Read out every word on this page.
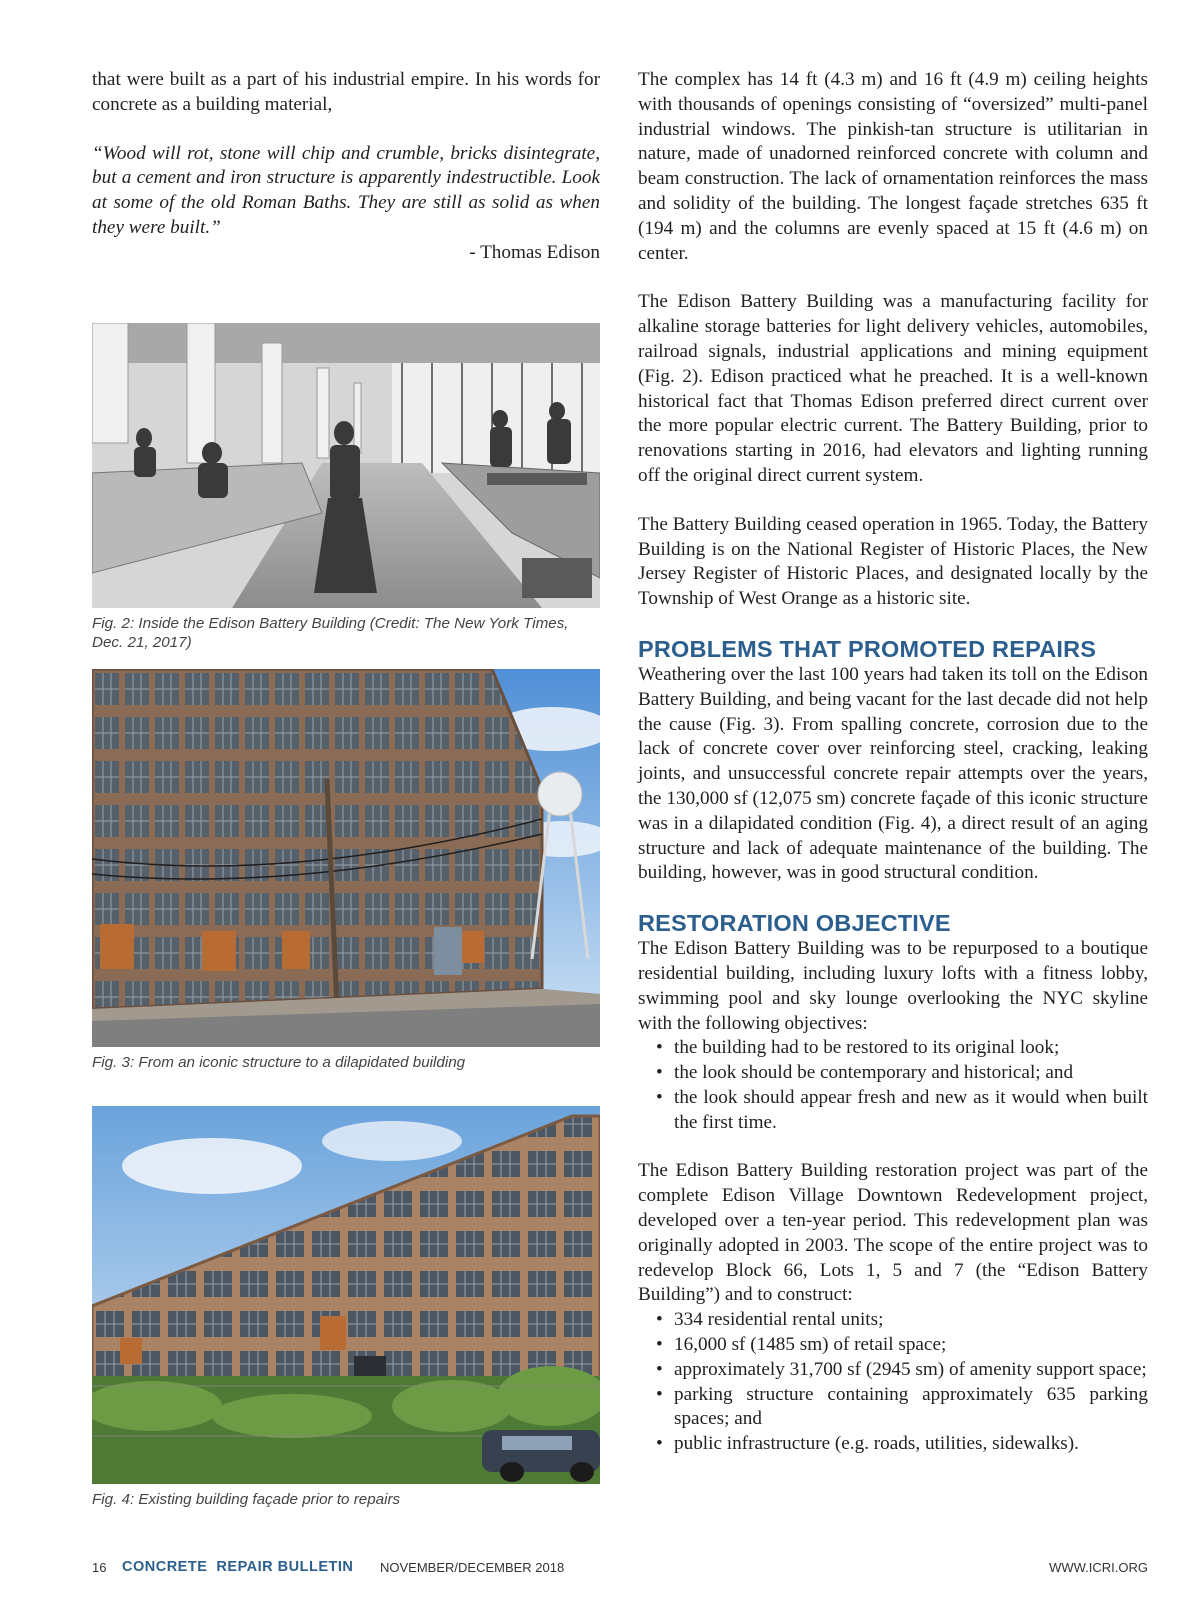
that were built as a part of his industrial empire. In his words for concrete as a building material,

“Wood will rot, stone will chip and crumble, bricks disintegrate, but a cement and iron structure is apparently indestructible. Look at some of the old Roman Baths. They are still as solid as when they were built.”

- Thomas Edison

Fig. 2: Inside the Edison Battery Building (Credit: The New York Times, Dec. 21, 2017)
Fig. 3: From an iconic structure to a dilapidated building
Fig. 4: Existing building façade prior to repairs

The complex has 14 ft (4.3 m) and 16 ft (4.9 m) ceiling heights with thousands of openings consisting of “oversized” multi-panel industrial windows. The pinkish-tan structure is utilitarian in nature, made of unadorned reinforced concrete with column and beam construction. The lack of ornamentation reinforces the mass and solidity of the building. The longest façade stretches 635 ft (194 m) and the columns are evenly spaced at 15 ft (4.6 m) on center.

The Edison Battery Building was a manufacturing facility for alkaline storage batteries for light delivery vehicles, automobiles, railroad signals, industrial applications and mining equipment (Fig. 2). Edison practiced what he preached. It is a well-known historical fact that Thomas Edison preferred direct current over the more popular electric current. The Battery Building, prior to renovations starting in 2016, had elevators and lighting running off the original direct current system.

The Battery Building ceased operation in 1965. Today, the Battery Building is on the National Register of Historic Places, the New Jersey Register of Historic Places, and designated locally by the Township of West Orange as a historic site.

PROBLEMS THAT PROMOTED REPAIRS

Weathering over the last 100 years had taken its toll on the Edison Battery Building, and being vacant for the last decade did not help the cause (Fig. 3). From spalling concrete, corrosion due to the lack of concrete cover over reinforcing steel, cracking, leaking joints, and unsuccessful concrete repair attempts over the years, the 130,000 sf (12,075 sm) concrete façade of this iconic structure was in a dilapidated condition (Fig. 4), a direct result of an aging structure and lack of adequate maintenance of the building. The building, however, was in good structural condition.

RESTORATION OBJECTIVE

The Edison Battery Building was to be repurposed to a boutique residential building, including luxury lofts with a fitness lobby, swimming pool and sky lounge overlooking the NYC skyline with the following objectives:

• the building had to be restored to its original look;
• the look should be contemporary and historical; and
• the look should appear fresh and new as it would when built the first time.

The Edison Battery Building restoration project was part of the complete Edison Village Downtown Redevelopment project, developed over a ten-year period. This redevelopment plan was originally adopted in 2003. The scope of the entire project was to redevelop Block 66, Lots 1, 5 and 7 (the “Edison Battery Building”) and to construct:

• 334 residential rental units;
• 16,000 sf (1485 sm) of retail space;
• approximately 31,700 sf (2945 sm) of amenity support space;
• parking structure containing approximately 635 parking spaces; and
• public infrastructure (e.g. roads, utilities, sidewalks).
16 CONCRETE  REPAIR BULLETIN NOVEMBER/DECEMBER 2018	WWW.ICRI.ORG
